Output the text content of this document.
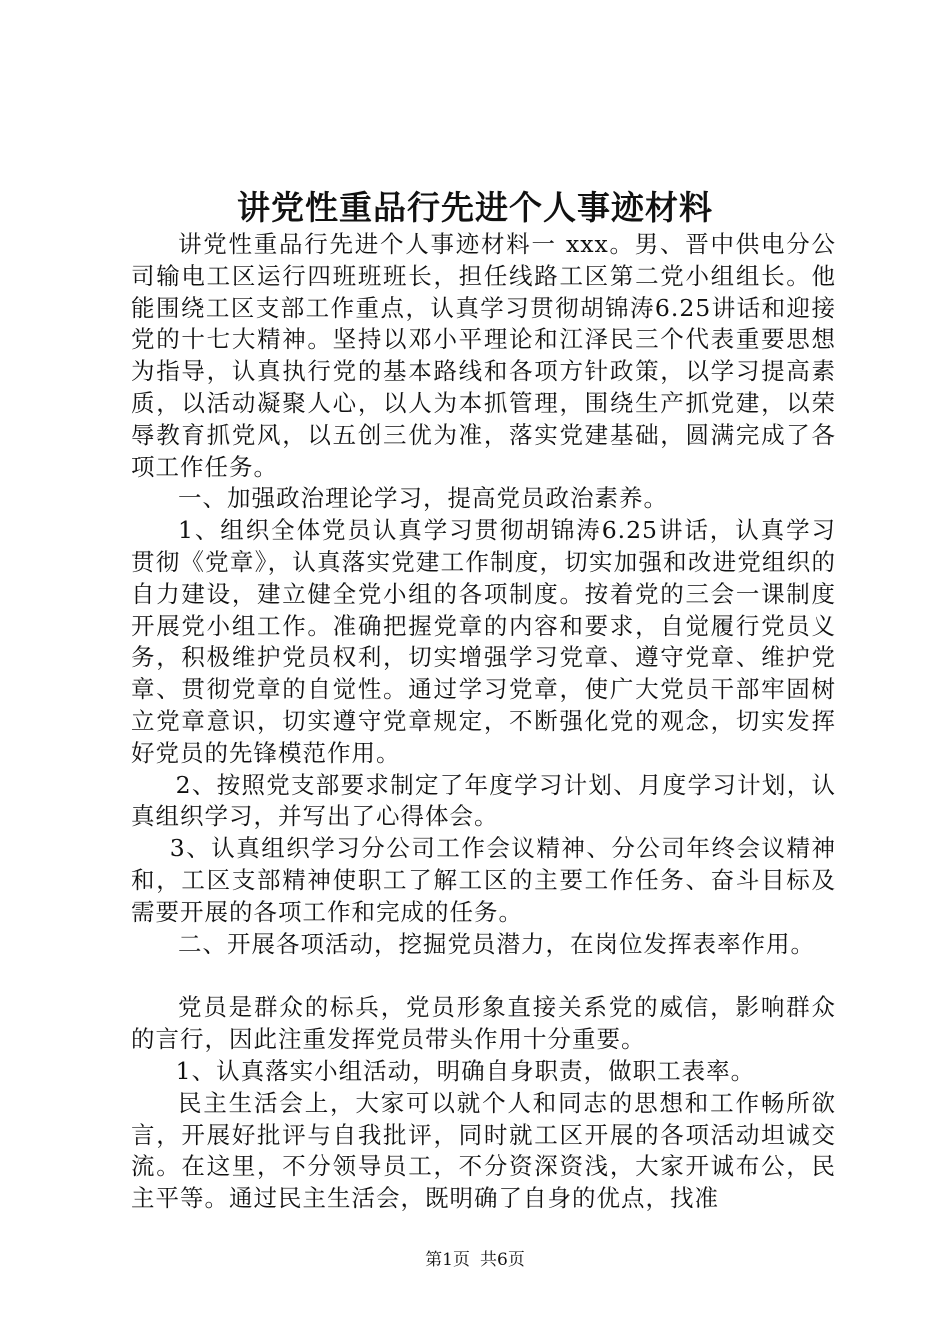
讲党性重品行先进个人事迹材料

讲党性重品行先进个人事迹材料一 xxx。男、晋中供电分公司输电工区运行四班班班长，担任线路工区第二党小组组长。他能围绕工区支部工作重点，认真学习贯彻胡锦涛6.25讲话和迎接党的十七大精神。坚持以邓小平理论和江泽民三个代表重要思想为指导，认真执行党的基本路线和各项方针政策，以学习提高素质，以活动凝聚人心，以人为本抓管理，围绕生产抓党建，以荣辱教育抓党风，以五创三优为准，落实党建基础，圆满完成了各项工作任务。

一、加强政治理论学习，提高党员政治素养。

1、组织全体党员认真学习贯彻胡锦涛6.25讲话，认真学习贯彻《党章》，认真落实党建工作制度，切实加强和改进党组织的自力建设，建立健全党小组的各项制度。按着党的三会一课制度开展党小组工作。准确把握党章的内容和要求，自觉履行党员义务，积极维护党员权利，切实增强学习党章、遵守党章、维护党章、贯彻党章的自觉性。通过学习党章，使广大党员干部牢固树立党章意识，切实遵守党章规定，不断强化党的观念，切实发挥好党员的先锋模范作用。

2、按照党支部要求制定了年度学习计划、月度学习计划，认真组织学习，并写出了心得体会。

3、认真组织学习分公司工作会议精神、分公司年终会议精神和，工区支部精神使职工了解工区的主要工作任务、奋斗目标及需要开展的各项工作和完成的任务。

二、开展各项活动，挖掘党员潜力，在岗位发挥表率作用。

党员是群众的标兵，党员形象直接关系党的威信，影响群众的言行，因此注重发挥党员带头作用十分重要。

1、认真落实小组活动，明确自身职责，做职工表率。

民主生活会上，大家可以就个人和同志的思想和工作畅所欲言，开展好批评与自我批评，同时就工区开展的各项活动坦诚交流。在这里，不分领导员工，不分资深资浅，大家开诚布公，民主平等。通过民主生活会，既明确了自身的优点，找准

第1页 共6页
